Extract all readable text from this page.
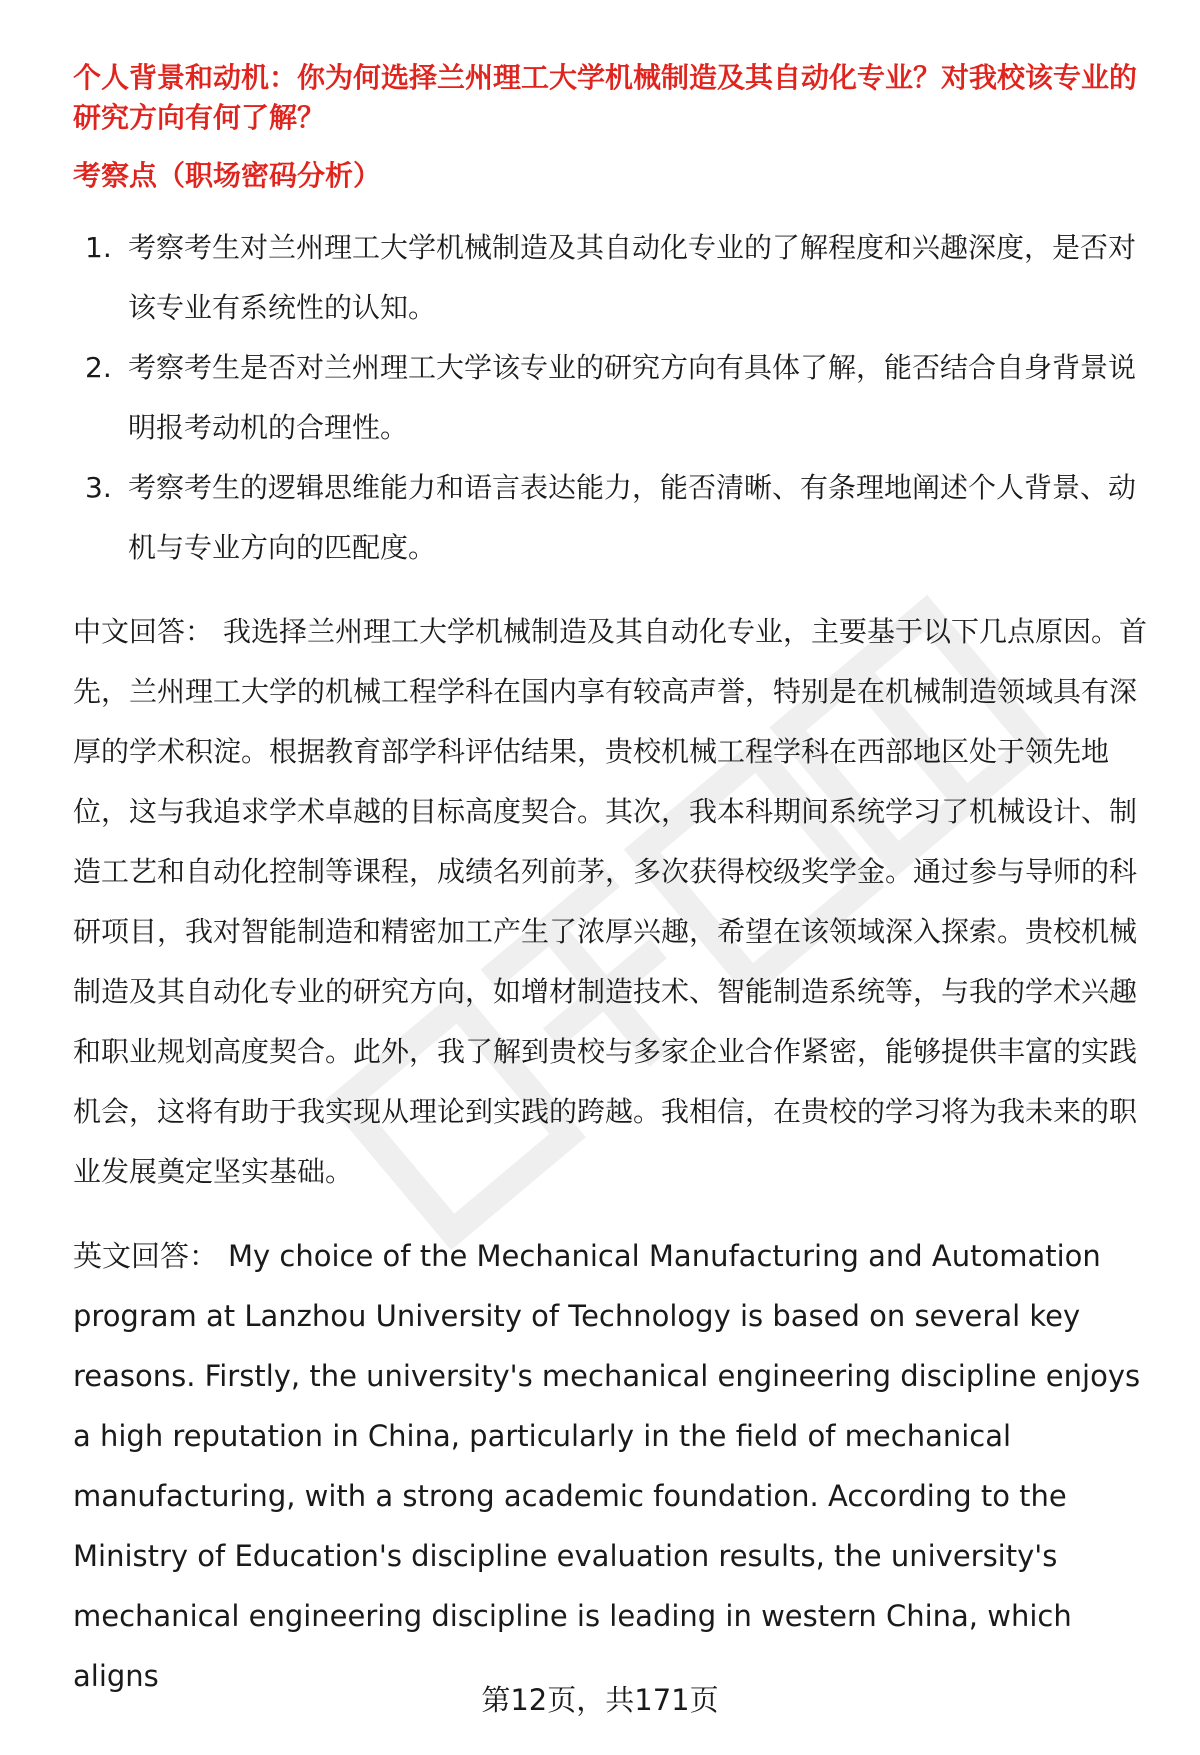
个人背景和动机：你为何选择兰州理工大学机械制造及其自动化专业？对我校该专业的研究方向有何了解？
考察点（职场密码分析）
1. 考察考生对兰州理工大学机械制造及其自动化专业的了解程度和兴趣深度，是否对该专业有系统性的认知。
2. 考察考生是否对兰州理工大学该专业的研究方向有具体了解，能否结合自身背景说明报考动机的合理性。
3. 考察考生的逻辑思维能力和语言表达能力，能否清晰、有条理地阐述个人背景、动机与专业方向的匹配度。
中文回答： 我选择兰州理工大学机械制造及其自动化专业，主要基于以下几点原因。首先，兰州理工大学的机械工程学科在国内享有较高声誉，特别是在机械制造领域具有深厚的学术积淀。根据教育部学科评估结果，贵校机械工程学科在西部地区处于领先地位，这与我追求学术卓越的目标高度契合。其次，我本科期间系统学习了机械设计、制造工艺和自动化控制等课程，成绩名列前茅，多次获得校级奖学金。通过参与导师的科研项目，我对智能制造和精密加工产生了浓厚兴趣，希望在该领域深入探索。贵校机械制造及其自动化专业的研究方向，如增材制造技术、智能制造系统等，与我的学术兴趣和职业规划高度契合。此外，我了解到贵校与多家企业合作紧密，能够提供丰富的实践机会，这将有助于我实现从理论到实践的跨越。我相信，在贵校的学习将为我未来的职业发展奠定坚实基础。
英文回答： My choice of the Mechanical Manufacturing and Automation program at Lanzhou University of Technology is based on several key reasons. Firstly, the university's mechanical engineering discipline enjoys a high reputation in China, particularly in the field of mechanical manufacturing, with a strong academic foundation. According to the Ministry of Education's discipline evaluation results, the university's mechanical engineering discipline is leading in western China, which aligns
第12页，共171页
